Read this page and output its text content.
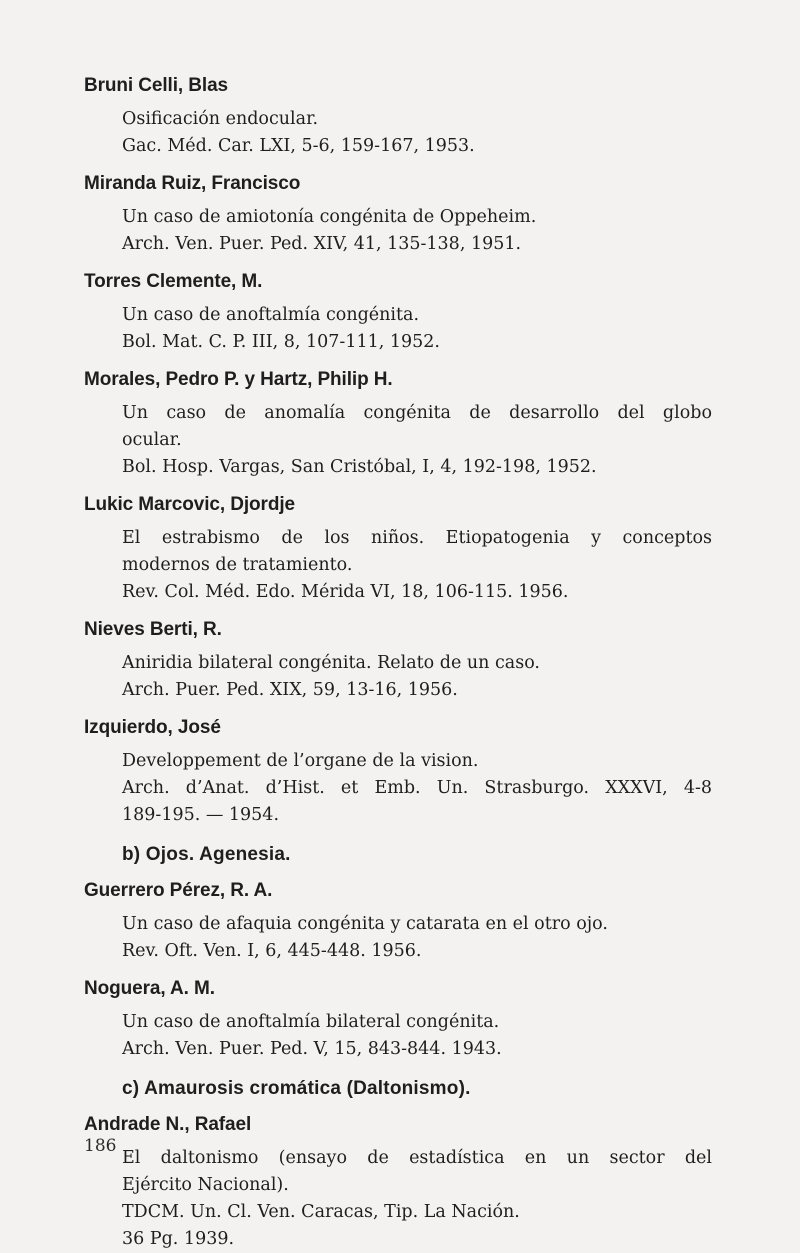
Bruni Celli, Blas
Osificación endocular.
Gac. Méd. Car. LXI, 5-6, 159-167, 1953.
Miranda Ruiz, Francisco
Un caso de amiotonía congénita de Oppeheim.
Arch. Ven. Puer. Ped. XIV, 41, 135-138, 1951.
Torres Clemente, M.
Un caso de anoftalmía congénita.
Bol. Mat. C. P. III, 8, 107-111, 1952.
Morales, Pedro P. y Hartz, Philip H.
Un caso de anomalía congénita de desarrollo del globo
ocular.
Bol. Hosp. Vargas, San Cristóbal, I, 4, 192-198, 1952.
Lukic Marcovic, Djordje
El estrabismo de los niños. Etiopatogenia y conceptos
modernos de tratamiento.
Rev. Col. Méd. Edo. Mérida VI, 18, 106-115. 1956.
Nieves Berti, R.
Aniridia bilateral congénita. Relato de un caso.
Arch. Puer. Ped. XIX, 59, 13-16, 1956.
Izquierdo, José
Developpement de l’organe de la vision.
Arch. d’Anat. d’Hist. et Emb. Un. Strasburgo. XXXVI, 4-8
189-195. — 1954.
b) Ojos. Agenesia.
Guerrero Pérez, R. A.
Un caso de afaquia congénita y catarata en el otro ojo.
Rev. Oft. Ven. I, 6, 445-448. 1956.
Noguera, A. M.
Un caso de anoftalmía bilateral congénita.
Arch. Ven. Puer. Ped. V, 15, 843-844. 1943.
c) Amaurosis cromática (Daltonismo).
Andrade N., Rafael
El daltonismo (ensayo de estadística en un sector del
Ejército Nacional).
TDCM. Un. Cl. Ven. Caracas, Tip. La Nación.
36 Pg. 1939.
186
